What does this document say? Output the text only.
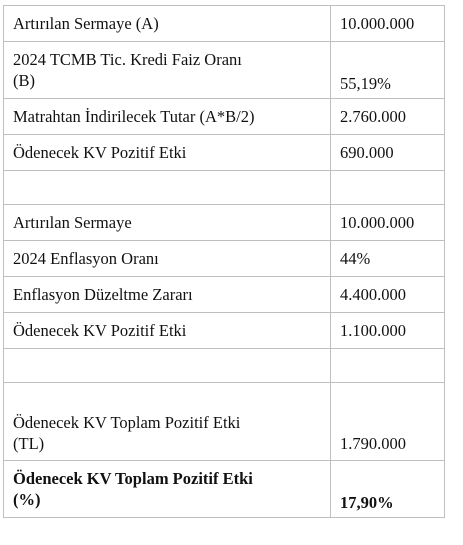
Artırılan Sermaye (A)	10.000.000

2024 TCMB Tic. Kredi Faiz Oranı
(B)	55,19%

Matrahtan İndirilecek Tutar (A*B/2)	2.760.000

Ödenecek KV Pozitif Etki	690.000

Artırılan Sermaye	10.000.000

2024 Enflasyon Oranı	44%

Enflasyon Düzeltme Zararı	4.400.000

Ödenecek KV Pozitif Etki	1.100.000

Ödenecek KV Toplam Pozitif Etki
(TL)	1.790.000

Ödenecek KV Toplam Pozitif Etki
(%)	17,90%
